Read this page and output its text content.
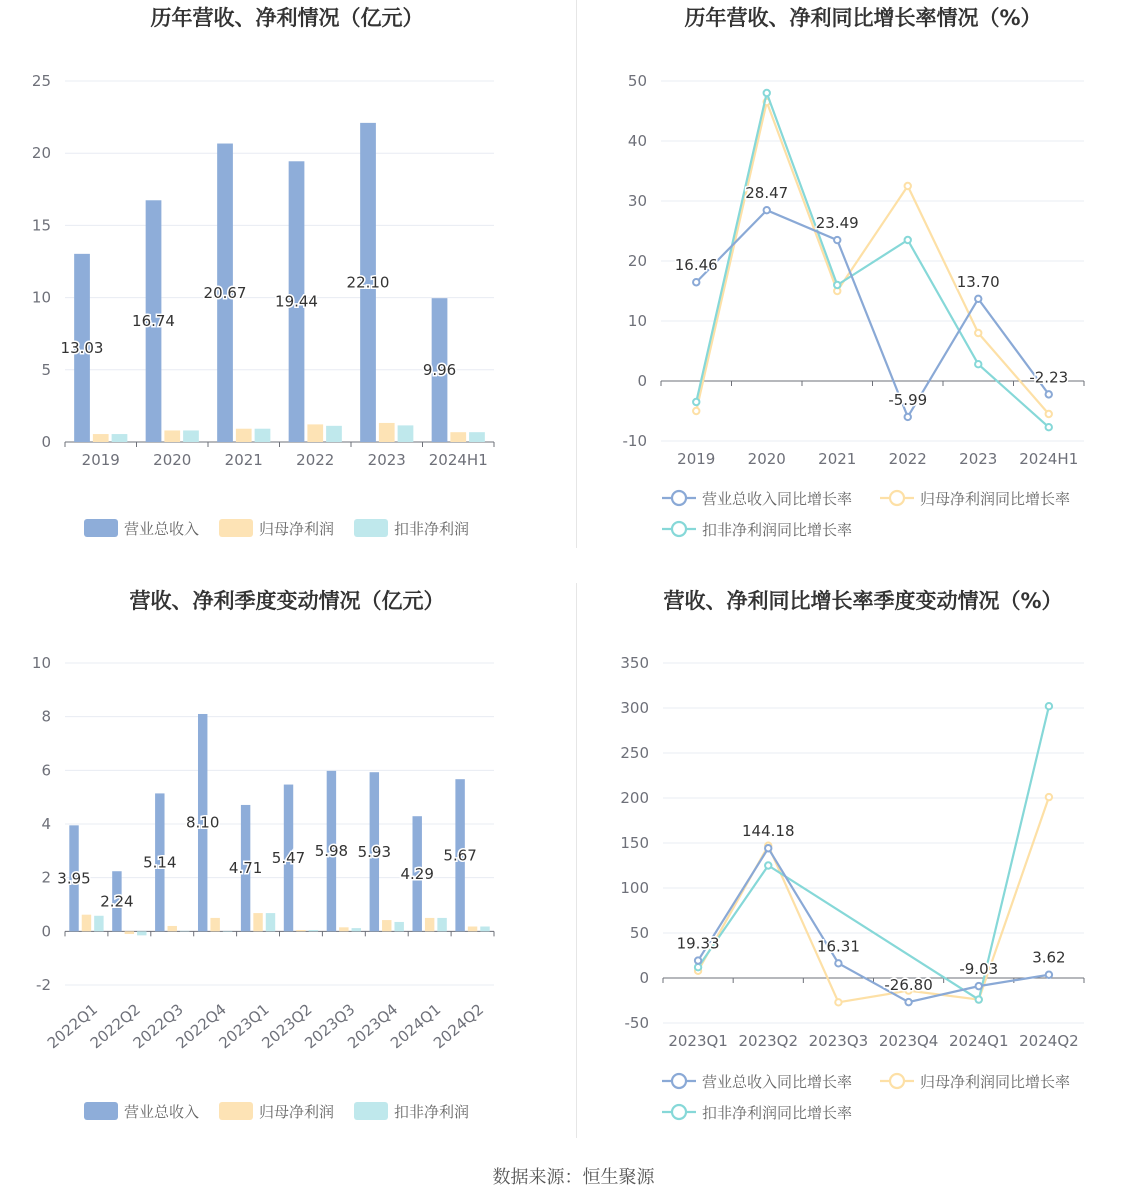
历年营收、净利情况（亿元）
0
5
10
15
20
25
2019 2020 2021 2022 2023 2024H1
13.03
16.74
20.67 19.44
22.10
9.96
营业总收入	归母净利润	扣非净利润
历年营收、净利同比增长率情况（%）
-10
0
10
20
30
40
50
2019 2020 2021 2022 2023 2024H1
16.46
28.47
23.49
-5.99
13.70
-2.23
营业总收入同比增长率	归母净利润同比增长率
扣非净利润同比增长率
营收、净利季度变动情况（亿元）
-2
0
2
4
6
8
10
2022Q1
2022Q2
2022Q3
2022Q4
2023Q1
2023Q2
2023Q3
2023Q4
2024Q1
2024Q2
3.95
2.24
5.14
8.10
4.71
5.47 5.98 5.93
4.29
5.67
营业总收入	归母净利润	扣非净利润
营收、净利同比增长率季度变动情况（%）
-50
0
50
100
150
200
250
300
350
2023Q1 2023Q2 2023Q3 2023Q4 2024Q1 2024Q2
19.33
144.18
16.31
-26.80
-9.03
3.62
营业总收入同比增长率	归母净利润同比增长率
扣非净利润同比增长率
数据来源：恒生聚源
